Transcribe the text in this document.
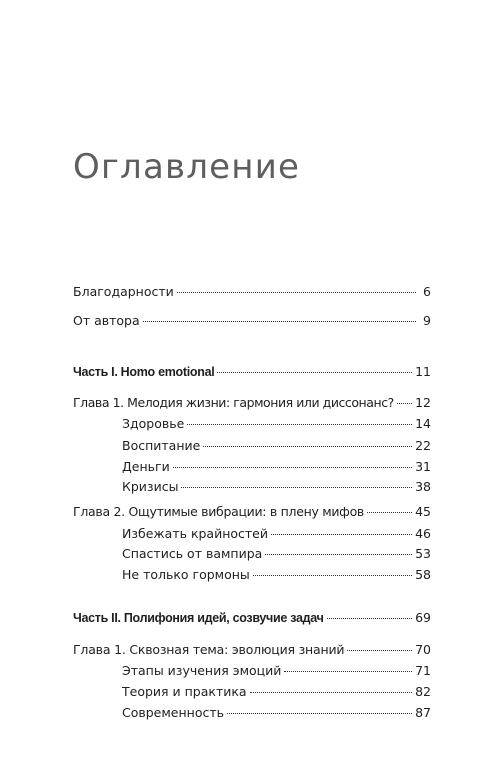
Оглавление
Благодарности	6
От автора	9
Часть I. Homo emotional	11
Глава 1. Мелодия жизни: гармония или диссонанс? 12
Здоровье	14
Воспитание	22
Деньги	31
Кризисы	38
Глава 2. Ощутимые вибрации: в плену мифов	45
Избежать крайностей	46
Спастись от вампира	53
Не только гормоны	58
Часть II. Полифония идей, созвучие задач	69
Глава 1. Сквозная тема: эволюция знаний	70
Этапы изучения эмоций	71
Теория и практика	82
Современность	87
